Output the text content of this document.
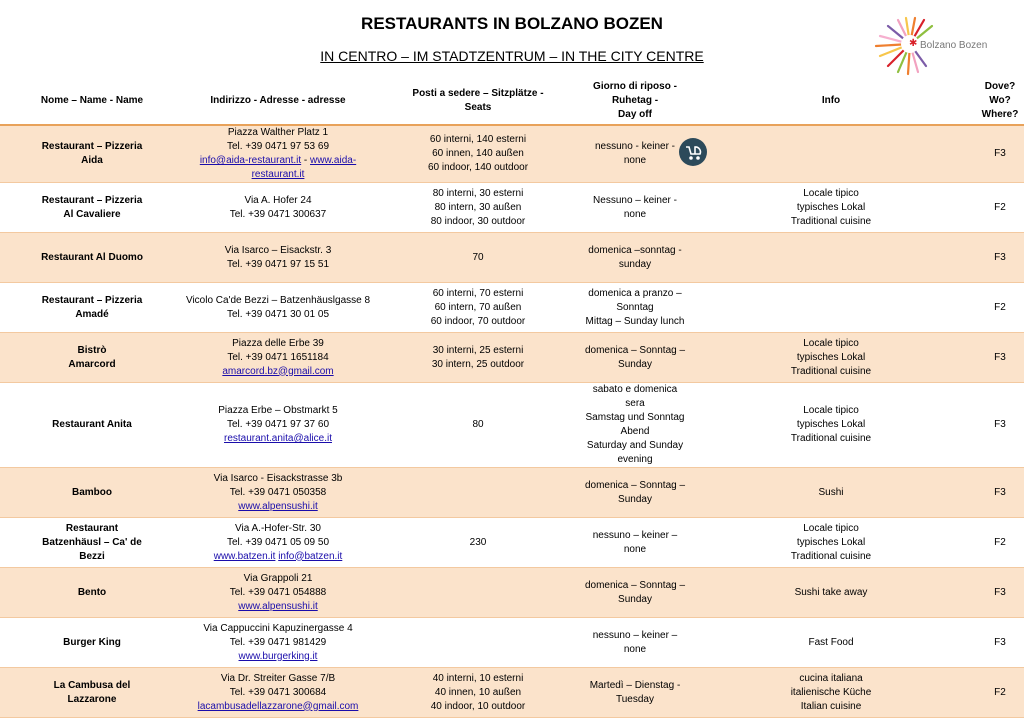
RESTAURANTS IN BOLZANO BOZEN
IN CENTRO – IM STADTZENTRUM – IN THE CITY CENTRE
✱ Bolzano Bozen
Nome – Name - Name	Indirizzo - Adresse - adresse	Posti a sedere – Sitzplätze -
Seats	Giorno di riposo - Ruhetag -
Day off	Info	Dove?
Wo?
Where?

Restaurant – Pizzeria
Aida	Piazza Walther Platz 1
Tel. +39 0471 97 53 69
info@aida-restaurant.it - www.aida-restaurant.it	60 interni, 140 esterni
60 innen, 140 außen
60 indoor, 140 outdoor	nessuno - keiner - none		F3

Restaurant – Pizzeria
Al Cavaliere	Via A. Hofer 24
Tel. +39 0471 300637	80 interni, 30 esterni
80 intern, 30 außen
80 indoor, 30 outdoor	Nessuno – keiner - none	Locale tipico
typisches Lokal
Traditional cuisine	F2

Restaurant Al Duomo	Via Isarco – Eisackstr. 3
Tel. +39 0471 97 15 51	70	domenica –sonntag - sunday		F3

Restaurant – Pizzeria
Amadé	Vicolo Ca'de Bezzi – Batzenhäuslgasse 8
Tel. +39 0471 30 01 05	60 interni, 70 esterni
60 intern, 70 außen
60 indoor, 70 outdoor	domenica a pranzo – Sonntag
Mittag – Sunday lunch		F2

Bistrò
Amarcord	Piazza delle Erbe 39
Tel. +39 0471 1651184
amarcord.bz@gmail.com	30 interni, 25 esterni
30 intern, 25 outdoor	domenica – Sonntag – Sunday	Locale tipico
typisches Lokal
Traditional cuisine	F3

Restaurant Anita	Piazza Erbe – Obstmarkt 5
Tel. +39 0471 97 37 60
restaurant.anita@alice.it	80	sabato e domenica sera
Samstag und Sonntag Abend
Saturday and Sunday evening	Locale tipico
typisches Lokal
Traditional cuisine	F3

Bamboo	Via Isarco - Eisackstrasse 3b
Tel. +39 0471 050358
www.alpensushi.it		domenica – Sonntag – Sunday	Sushi	F3

Restaurant
Batzenhäusl – Ca' de
Bezzi	Via A.-Hofer-Str. 30
Tel. +39 0471 05 09 50
www.batzen.it info@batzen.it	230	nessuno – keiner – none	Locale tipico
typisches Lokal
Traditional cuisine	F2

Bento	Via Grappoli 21
Tel. +39 0471 054888
www.alpensushi.it		domenica – Sonntag – Sunday	Sushi take away	F3

Burger King	Via Cappuccini Kapuzinergasse 4
Tel. +39 0471 981429
www.burgerking.it		nessuno – keiner – none	Fast Food	F3

La Cambusa del
Lazzarone	Via Dr. Streiter Gasse 7/B
Tel. +39 0471 300684
lacambusadellazzarone@gmail.com	40 interni, 10 esterni
40 innen, 10 außen
40 indoor, 10 outdoor	Martedì – Dienstag - Tuesday	cucina italiana
italienische Küche
Italian cuisine	F2
